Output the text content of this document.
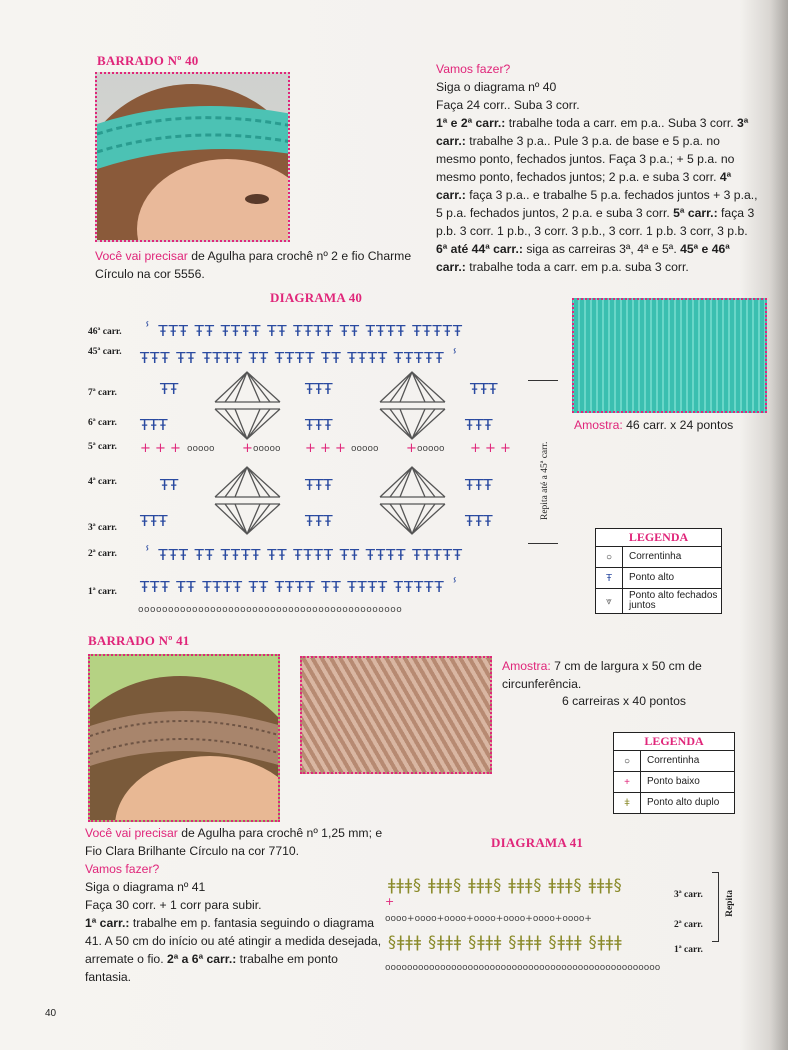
BARRADO Nº 40
Você vai precisar de Agulha para crochê nº 2 e fio Charme Círculo na cor 5556.
Vamos fazer?
Siga o diagrama nº 40
Faça 24 corr.. Suba 3 corr.
1ª e 2ª carr.: trabalhe toda a carr. em p.a.. Suba 3 corr. 3ª carr.: trabalhe 3 p.a.. Pule 3 p.a. de base e 5 p.a. no mesmo ponto, fechados juntos. Faça 3 p.a.; + 5 p.a. no mesmo ponto, fechados juntos; 2 p.a. e suba 3 corr. 4ª carr.: faça 3 p.a.. e trabalhe 5 p.a. fechados juntos + 3 p.a., 5 p.a. fechados juntos, 2 p.a. e suba 3 corr. 5ª carr.: faça 3 p.b. 3 corr. 1 p.b., 3 corr. 3 p.b., 3 corr. 1 p.b. 3 corr, 3 p.b. 6ª até 44ª carr.: siga as carreiras 3ª, 4ª e 5ª. 45ª e 46ª carr.: trabalhe toda a carr. em p.a. suba 3 corr.
DIAGRAMA 40
46ª carr.
45ª carr.
7ª carr.
6ª carr.
5ª carr.
4ª carr.
3ª carr.
2ª carr.
1ª carr.
ⸯ ŦŦŦ ŦŦ ŦŦŦŦ ŦŦ ŦŦŦŦ ŦŦ ŦŦŦŦ ŦŦŦŦŦ
ŦŦŦ ŦŦ ŦŦŦŦ ŦŦ ŦŦŦŦ ŦŦ ŦŦŦŦ ŦŦŦŦŦ ⸯ
ŦŦ	ŦŦŦ	ŦŦŦ
ŦŦŦ	ŦŦŦ	ŦŦŦ
+ + + ooooo + ooooo + + + ooooo + ooooo + + +
ŦŦ	ŦŦŦ	ŦŦŦ
ŦŦŦ	ŦŦŦ	ŦŦŦ
ⸯ ŦŦŦ ŦŦ ŦŦŦŦ ŦŦ ŦŦŦŦ ŦŦ ŦŦŦŦ ŦŦŦŦŦ
ŦŦŦ ŦŦ ŦŦŦŦ ŦŦ ŦŦŦŦ ŦŦ ŦŦŦŦ ŦŦŦŦŦ ⸯ
oooooooooooooooooooooooooooooooooooooooooooo
Repita até a 45ª carr.
Amostra: 46 carr. x 24 pontos
LEGENDA
○	Correntinha
Ŧ	Ponto alto
⩔	Ponto alto fechados juntos
BARRADO Nº 41
Amostra: 7 cm de largura x 50 cm de circunferência.
6 carreiras x 40 pontos
LEGENDA
○	Correntinha
+	Ponto baixo
ǂ	Ponto alto duplo
Você vai precisar de Agulha para crochê nº 1,25 mm; e Fio Clara Brilhante Círculo na cor 7710.
Vamos fazer?
Siga o diagrama nº 41
Faça 30 corr. + 1 corr para subir.
1ª carr.: trabalhe em p. fantasia seguindo o diagrama 41. A 50 cm do início ou até atingir a medida desejada, arremate o fio. 2ª a 6ª carr.: trabalhe em ponto fantasia.
DIAGRAMA 41
ǂǂǂ§ ǂǂǂ§ ǂǂǂ§ ǂǂǂ§ ǂǂǂ§ ǂǂǂ§
+
oooo+oooo+oooo+oooo+oooo+oooo+oooo+
§ǂǂǂ §ǂǂǂ §ǂǂǂ §ǂǂǂ §ǂǂǂ §ǂǂǂ
oooooooooooooooooooooooooooooooooooooooooooooooooo
3ª carr.
2ª carr.
1ª carr.
Repita
40
